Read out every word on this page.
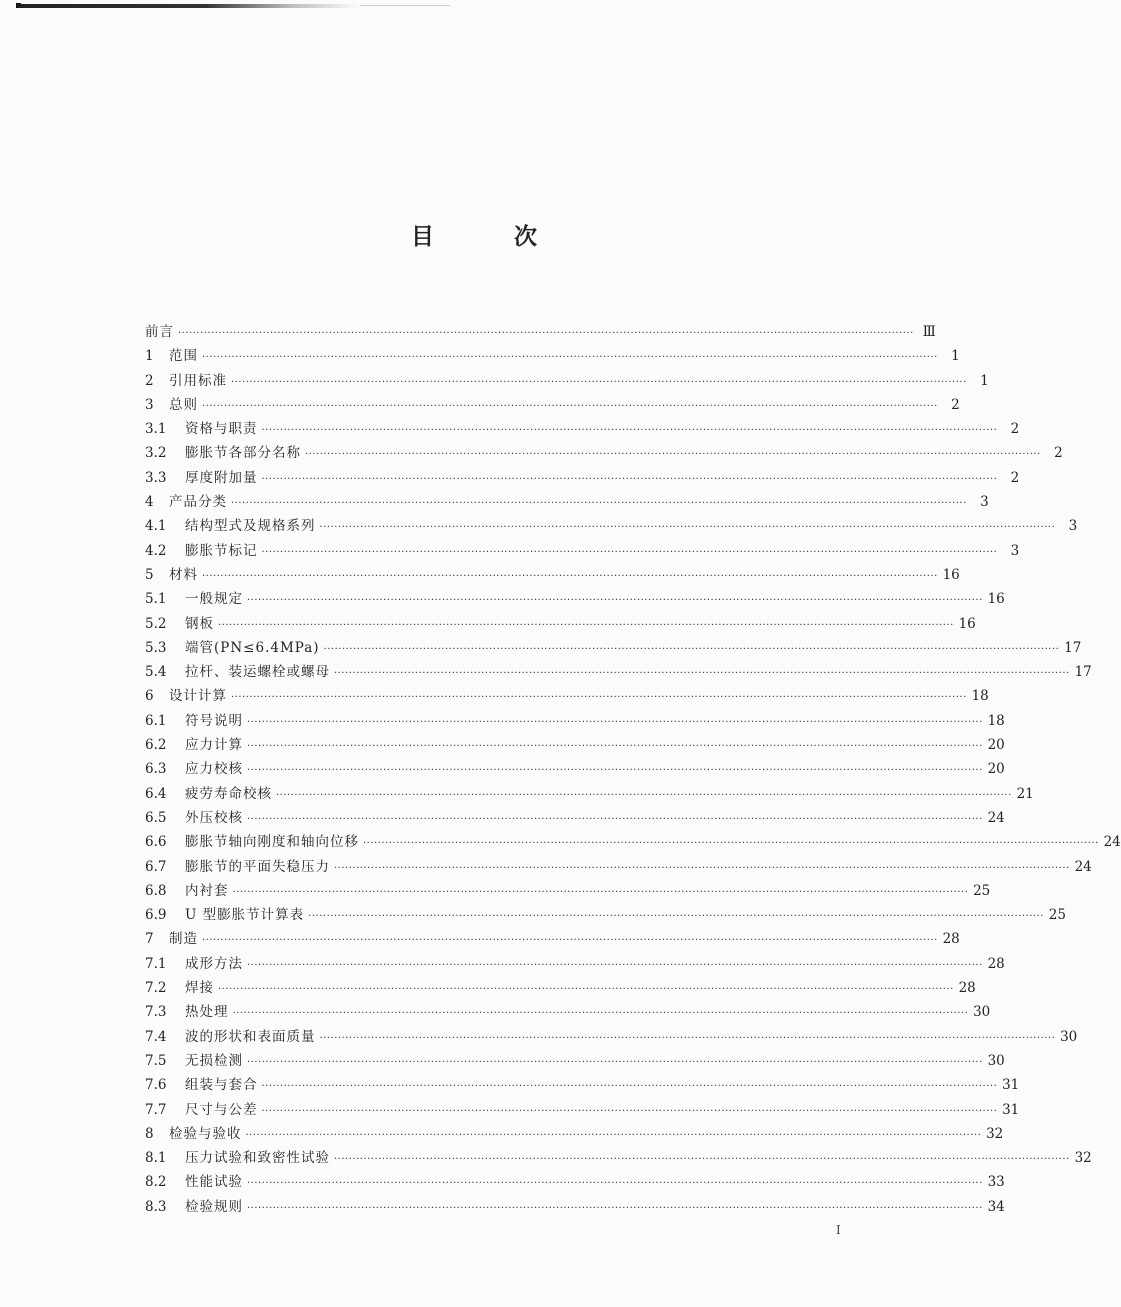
目	次
前言 ········································································································································································································ Ⅲ
1	范围 ········································································································································································································ 1
2	引用标准 ········································································································································································································ 1
3	总则 ········································································································································································································ 2
3.1	资格与职责 ········································································································································································································ 2
3.2	膨胀节各部分名称 ········································································································································································································ 2
3.3	厚度附加量 ········································································································································································································ 2
4	产品分类 ········································································································································································································ 3
4.1	结构型式及规格系列 ········································································································································································································ 3
4.2	膨胀节标记 ········································································································································································································ 3
5	材料 ········································································································································································································ 16
5.1	一般规定 ········································································································································································································ 16
5.2	钢板 ········································································································································································································ 16
5.3	端管(PN≤6.4MPa) ········································································································································································································ 17
5.4	拉杆、装运螺栓或螺母 ········································································································································································································ 17
6	设计计算 ········································································································································································································ 18
6.1	符号说明 ········································································································································································································ 18
6.2	应力计算 ········································································································································································································ 20
6.3	应力校核 ········································································································································································································ 20
6.4	疲劳寿命校核 ········································································································································································································ 21
6.5	外压校核 ········································································································································································································ 24
6.6	膨胀节轴向刚度和轴向位移 ········································································································································································································ 24
6.7	膨胀节的平面失稳压力 ········································································································································································································ 24
6.8	内衬套 ········································································································································································································ 25
6.9	U 型膨胀节计算表 ········································································································································································································ 25
7	制造 ········································································································································································································ 28
7.1	成形方法 ········································································································································································································ 28
7.2	焊接 ········································································································································································································ 28
7.3	热处理 ········································································································································································································ 30
7.4	波的形状和表面质量 ········································································································································································································ 30
7.5	无损检测 ········································································································································································································ 30
7.6	组装与套合 ········································································································································································································ 31
7.7	尺寸与公差 ········································································································································································································ 31
8	检验与验收 ········································································································································································································ 32
8.1	压力试验和致密性试验 ········································································································································································································ 32
8.2	性能试验 ········································································································································································································ 33
8.3	检验规则 ········································································································································································································ 34
I
